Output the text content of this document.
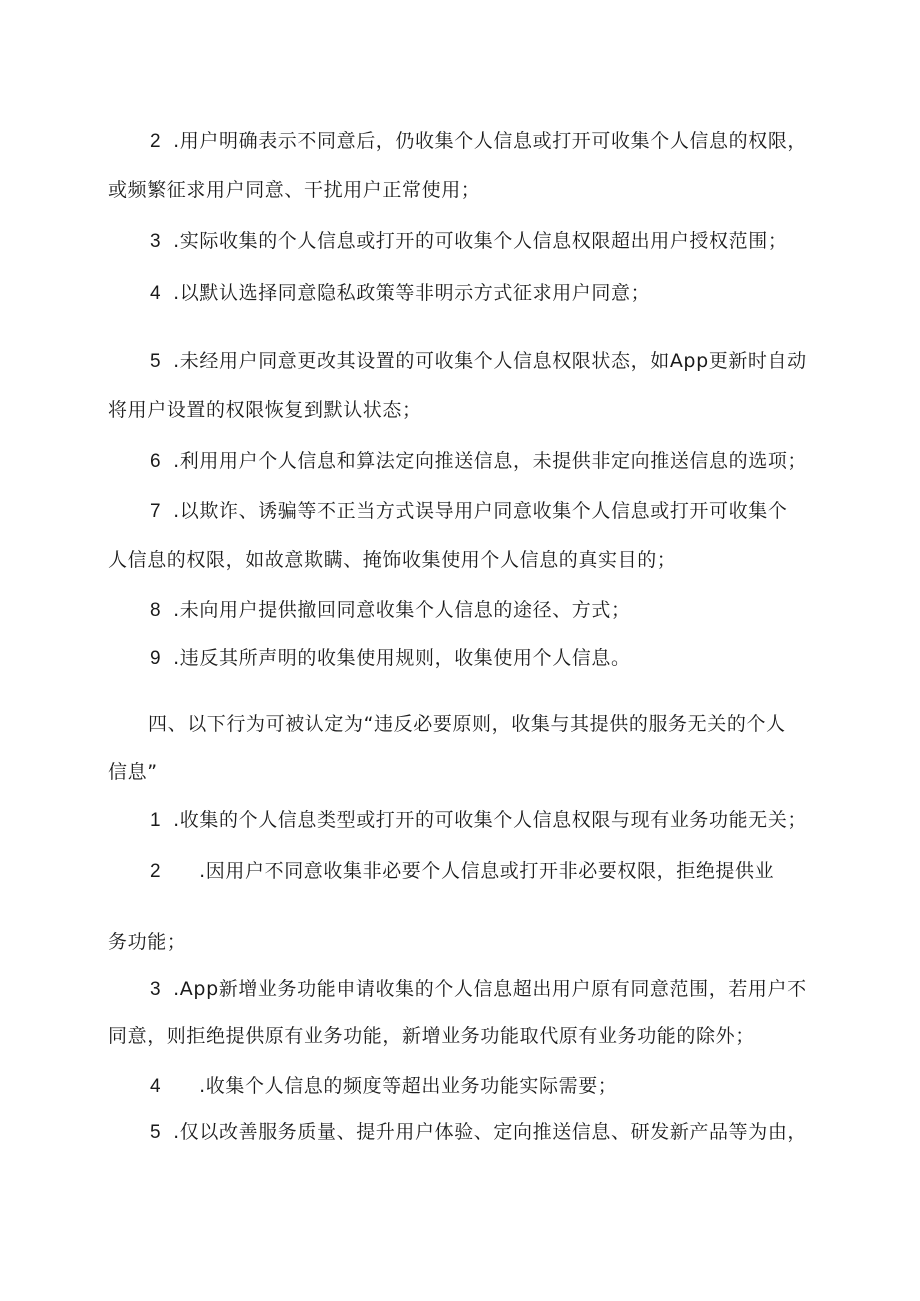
2 .用户明确表示不同意后，仍收集个人信息或打开可收集个人信息的权限，
或频繁征求用户同意、干扰用户正常使用；
3 .实际收集的个人信息或打开的可收集个人信息权限超出用户授权范围；
4 .以默认选择同意隐私政策等非明示方式征求用户同意；
5 .未经用户同意更改其设置的可收集个人信息权限状态，如App更新时自动
将用户设置的权限恢复到默认状态；
6 .利用用户个人信息和算法定向推送信息，未提供非定向推送信息的选项；
7 .以欺诈、诱骗等不正当方式误导用户同意收集个人信息或打开可收集个
人信息的权限，如故意欺瞒、掩饰收集使用个人信息的真实目的；
8 .未向用户提供撤回同意收集个人信息的途径、方式；
9 .违反其所声明的收集使用规则，收集使用个人信息。
四、以下行为可被认定为“违反必要原则，收集与其提供的服务无关的个人
信息”
1 .收集的个人信息类型或打开的可收集个人信息权限与现有业务功能无关；
2 .因用户不同意收集非必要个人信息或打开非必要权限，拒绝提供业
务功能；
3 .App新增业务功能申请收集的个人信息超出用户原有同意范围，若用户不
同意，则拒绝提供原有业务功能，新增业务功能取代原有业务功能的除外；
4 .收集个人信息的频度等超出业务功能实际需要；
5 .仅以改善服务质量、提升用户体验、定向推送信息、研发新产品等为由，
